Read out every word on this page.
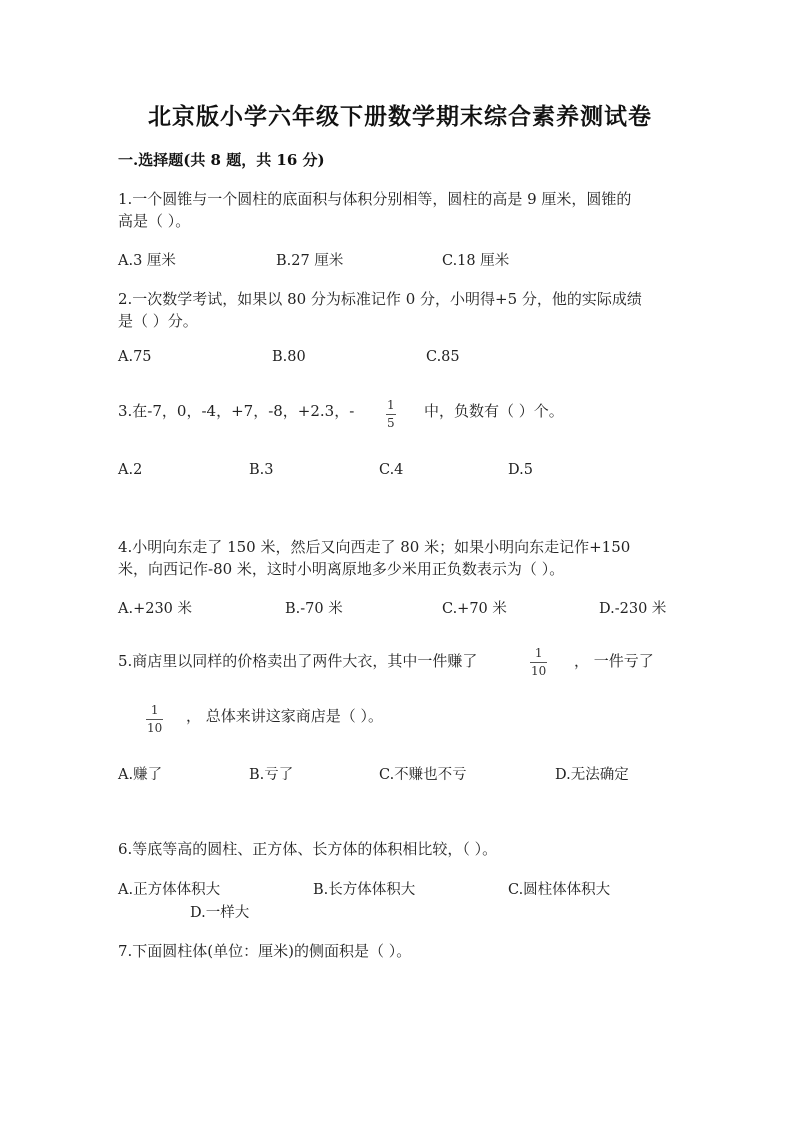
北京版小学六年级下册数学期末综合素养测试卷
一.选择题(共 8 题，共 16 分)
1.一个圆锥与一个圆柱的底面积与体积分别相等，圆柱的高是 9 厘米，圆锥的
高是（ ）。
A.3 厘米	B.27 厘米	C.18 厘米
2.一次数学考试，如果以 80 分为标准记作 0 分，小明得+5 分，他的实际成绩
是（ ）分。
A.75	B.80	C.85
3.在-7，0，-4，+7，-8，+2.3，-	1
5
中，负数有（ ）个。
A.2	B.3	C.4	D.5
4.小明向东走了 150 米，然后又向西走了 80 米；如果小明向东走记作+150
米，向西记作-80 米，这时小明离原地多少米用正负数表示为（ ）。
A.+230 米	B.-70 米	C.+70 米	D.-230 米
5.商店里以同样的价格卖出了两件大衣，其中一件赚了	1
10
， 一件亏了
1
10
， 总体来讲这家商店是（ ）。
A.赚了	B.亏了	C.不赚也不亏	D.无法确定
6.等底等高的圆柱、正方体、长方体的体积相比较，（ ）。
A.正方体体积大	B.长方体体积大	C.圆柱体体积大
D.一样大
7.下面圆柱体(单位：厘米)的侧面积是（ ）。
